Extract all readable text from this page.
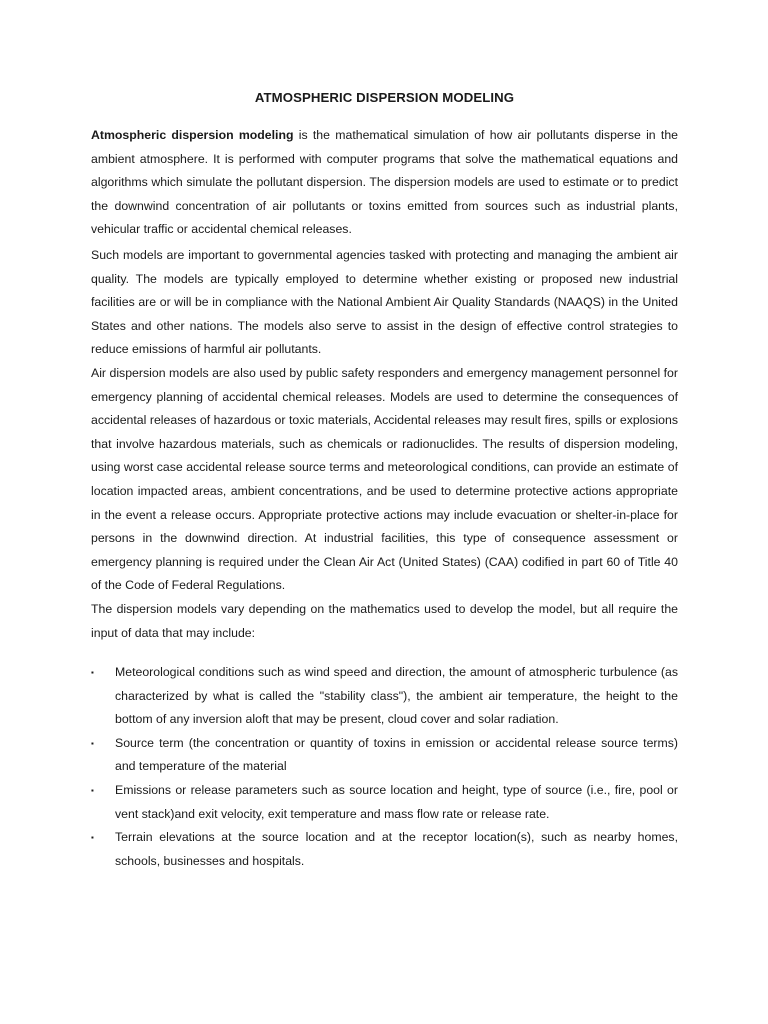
ATMOSPHERIC DISPERSION MODELING

Atmospheric dispersion modeling is the mathematical simulation of how air pollutants disperse in the ambient atmosphere. It is performed with computer programs that solve the mathematical equations and algorithms which simulate the pollutant dispersion. The dispersion models are used to estimate or to predict the downwind concentration of air pollutants or toxins emitted from sources such as industrial plants, vehicular traffic or accidental chemical releases.

Such models are important to governmental agencies tasked with protecting and managing the ambient air quality. The models are typically employed to determine whether existing or proposed new industrial facilities are or will be in compliance with the National Ambient Air Quality Standards (NAAQS) in the United States and other nations. The models also serve to assist in the design of effective control strategies to reduce emissions of harmful air pollutants.

Air dispersion models are also used by public safety responders and emergency management personnel for emergency planning of accidental chemical releases. Models are used to determine the consequences of accidental releases of hazardous or toxic materials, Accidental releases may result fires, spills or explosions that involve hazardous materials, such as chemicals or radionuclides. The results of dispersion modeling, using worst case accidental release source terms and meteorological conditions, can provide an estimate of location impacted areas, ambient concentrations, and be used to determine protective actions appropriate in the event a release occurs. Appropriate protective actions may include evacuation or shelter-in-place for persons in the downwind direction. At industrial facilities, this type of consequence assessment or emergency planning is required under the Clean Air Act (United States) (CAA) codified in part 60 of Title 40 of the Code of Federal Regulations.

The dispersion models vary depending on the mathematics used to develop the model, but all require the input of data that may include:

▪	Meteorological conditions such as wind speed and direction, the amount of atmospheric turbulence (as characterized by what is called the "stability class"), the ambient air temperature, the height to the bottom of any inversion aloft that may be present, cloud cover and solar radiation.
▪	Source term (the concentration or quantity of toxins in emission or accidental release source terms) and temperature of the material
▪	Emissions or release parameters such as source location and height, type of source (i.e., fire, pool or vent stack)and exit velocity, exit temperature and mass flow rate or release rate.
▪	Terrain elevations at the source location and at the receptor location(s), such as nearby homes, schools, businesses and hospitals.
